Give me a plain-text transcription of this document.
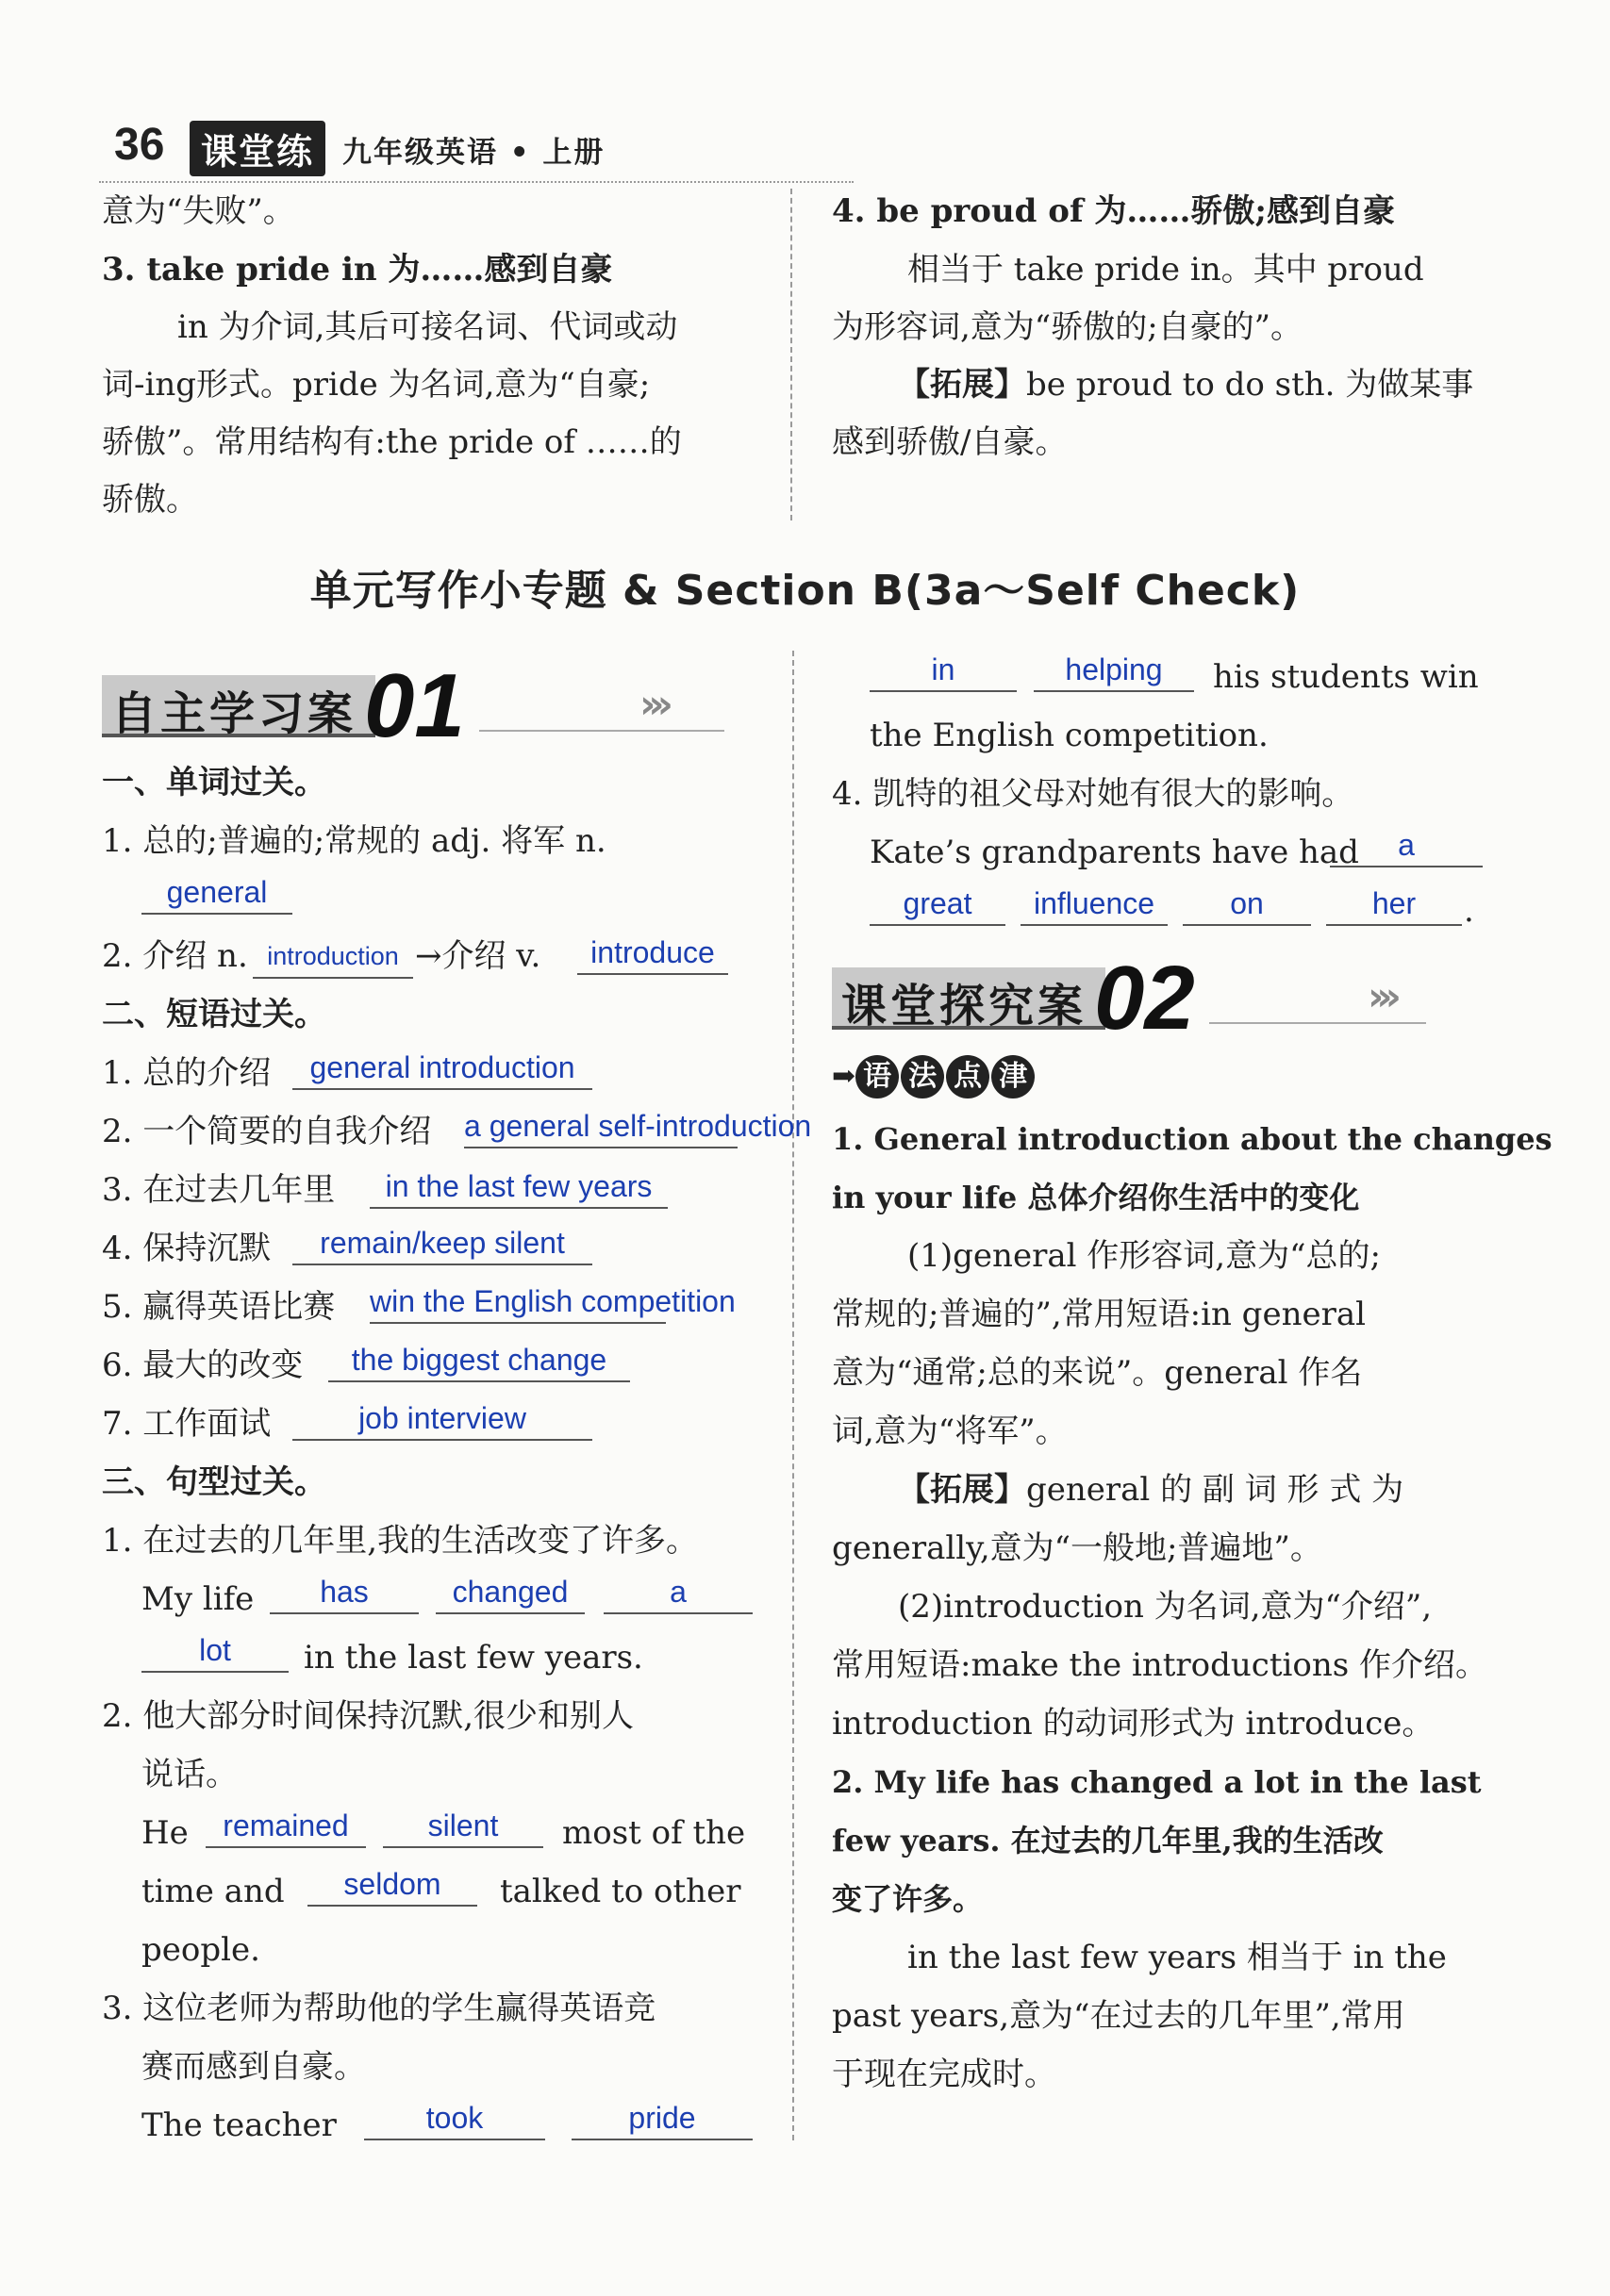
36	课堂练 九年级英语 • 上册
意为“失败”。
3. take pride in 为……感到自豪
in 为介词,其后可接名词、代词或动
词-ing形式。pride 为名词,意为“自豪;
骄傲”。常用结构有:the pride of ……的
骄傲。
4. be proud of 为……骄傲;感到自豪
相当于 take pride in。其中 proud
为形容词,意为“骄傲的;自豪的”。
【拓展】be proud to do sth. 为做某事
感到骄傲/自豪。
单元写作小专题 & Section B(3a～Self Check)
自主学习案 01	›››
一、单词过关。
1. 总的;普遍的;常规的 adj. 将军 n.
general
2. 介绍 n. introduction →介绍 v.	introduce
二、短语过关。
1. 总的介绍	general introduction
2. 一个简要的自我介绍 a general self-introduction
3. 在过去几年里	in the last few years
4. 保持沉默	remain/keep silent
5. 赢得英语比赛 win the English competition
6. 最大的改变	the biggest change
7. 工作面试	job interview
三、句型过关。
1. 在过去的几年里,我的生活改变了许多。
My life	has	changed	a
lot	in the last few years.
2. 他大部分时间保持沉默,很少和别人
说话。
He	remained	silent	most of the
time and	seldom	talked to other
people.
3. 这位老师为帮助他的学生赢得英语竞
赛而感到自豪。
The teacher	took	pride
in	helping	his students win
the English competition.
4. 凯特的祖父母对她有很大的影响。
Kate’s grandparents have had	a
great	influence	on	her	.
课堂探究案 02	›››
➡ 语 法 点 津
1. General introduction about the changes
in your life 总体介绍你生活中的变化
(1)general 作形容词,意为“总的;
常规的;普遍的”,常用短语:in general
意为“通常;总的来说”。general 作名
词,意为“将军”。
【拓展】general 的 副 词 形 式 为
generally,意为“一般地;普遍地”。
(2)introduction 为名词,意为“介绍”,
常用短语:make the introductions 作介绍。
introduction 的动词形式为 introduce。
2. My life has changed a lot in the last
few years. 在过去的几年里,我的生活改
变了许多。
in the last few years 相当于 in the
past years,意为“在过去的几年里”,常用
于现在完成时。
